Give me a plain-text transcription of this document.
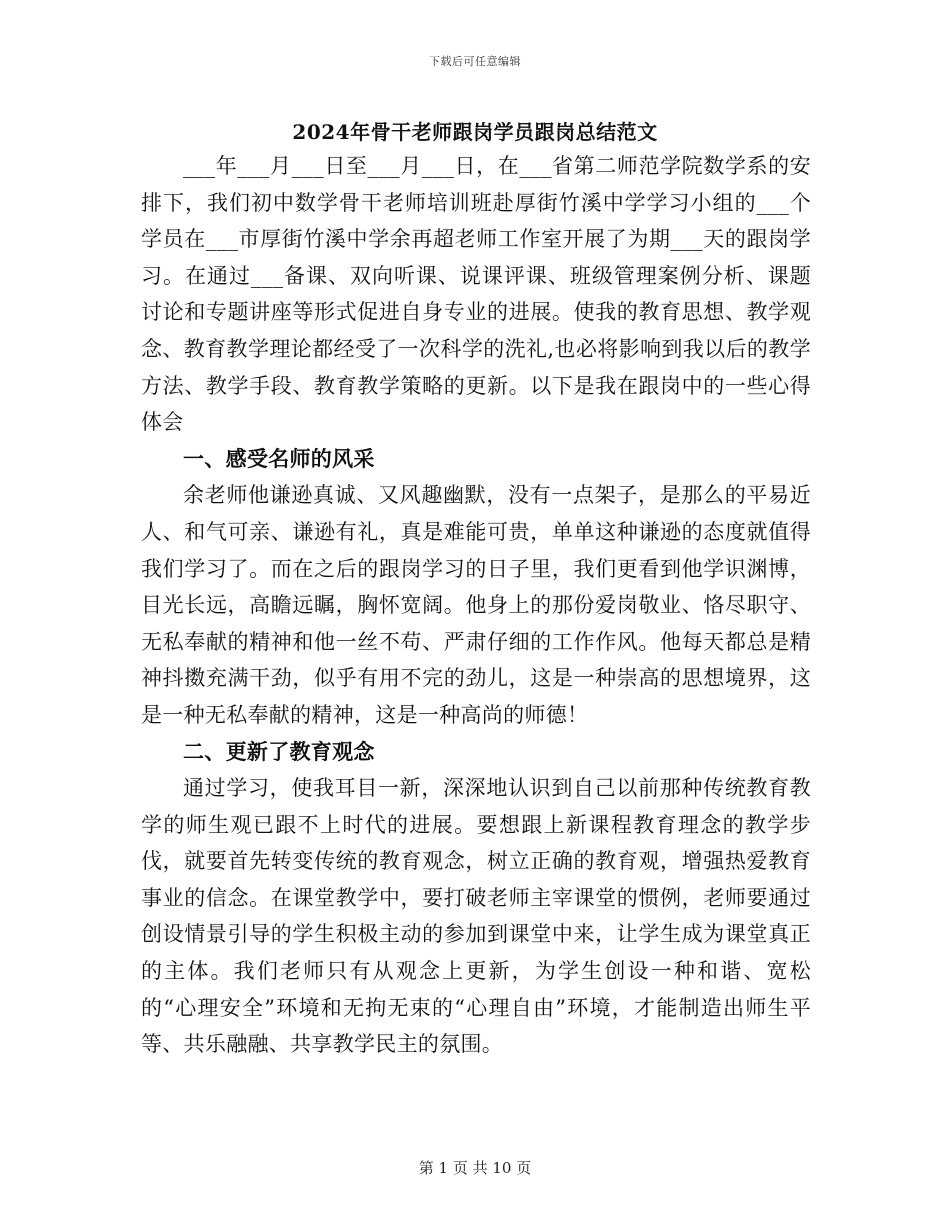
下载后可任意编辑
2024年骨干老师跟岗学员跟岗总结范文

___年___月___日至___月___日，在___省第二师范学院数学系的安排下，我们初中数学骨干老师培训班赴厚街竹溪中学学习小组的___个学员在___市厚街竹溪中学余再超老师工作室开展了为期___天的跟岗学习。在通过___备课、双向听课、说课评课、班级管理案例分析、课题讨论和专题讲座等形式促进自身专业的进展。使我的教育思想、教学观念、教育教学理论都经受了一次科学的洗礼,也必将影响到我以后的教学方法、教学手段、教育教学策略的更新。以下是我在跟岗中的一些心得体会

一、感受名师的风采

余老师他谦逊真诚、又风趣幽默，没有一点架子，是那么的平易近人、和气可亲、谦逊有礼，真是难能可贵，单单这种谦逊的态度就值得我们学习了。而在之后的跟岗学习的日子里，我们更看到他学识渊博，目光长远，高瞻远瞩，胸怀宽阔。他身上的那份爱岗敬业、恪尽职守、无私奉献的精神和他一丝不苟、严肃仔细的工作作风。他每天都总是精神抖擞充满干劲，似乎有用不完的劲儿，这是一种崇高的思想境界，这是一种无私奉献的精神，这是一种高尚的师德！

二、更新了教育观念

通过学习，使我耳目一新，深深地认识到自己以前那种传统教育教学的师生观已跟不上时代的进展。要想跟上新课程教育理念的教学步伐，就要首先转变传统的教育观念，树立正确的教育观，增强热爱教育事业的信念。在课堂教学中，要打破老师主宰课堂的惯例，老师要通过创设情景引导的学生积极主动的参加到课堂中来，让学生成为课堂真正的主体。我们老师只有从观念上更新，为学生创设一种和谐、宽松的“心理安全”环境和无拘无束的“心理自由”环境，才能制造出师生平等、共乐融融、共享教学民主的氛围。

第 1 页 共 10 页
